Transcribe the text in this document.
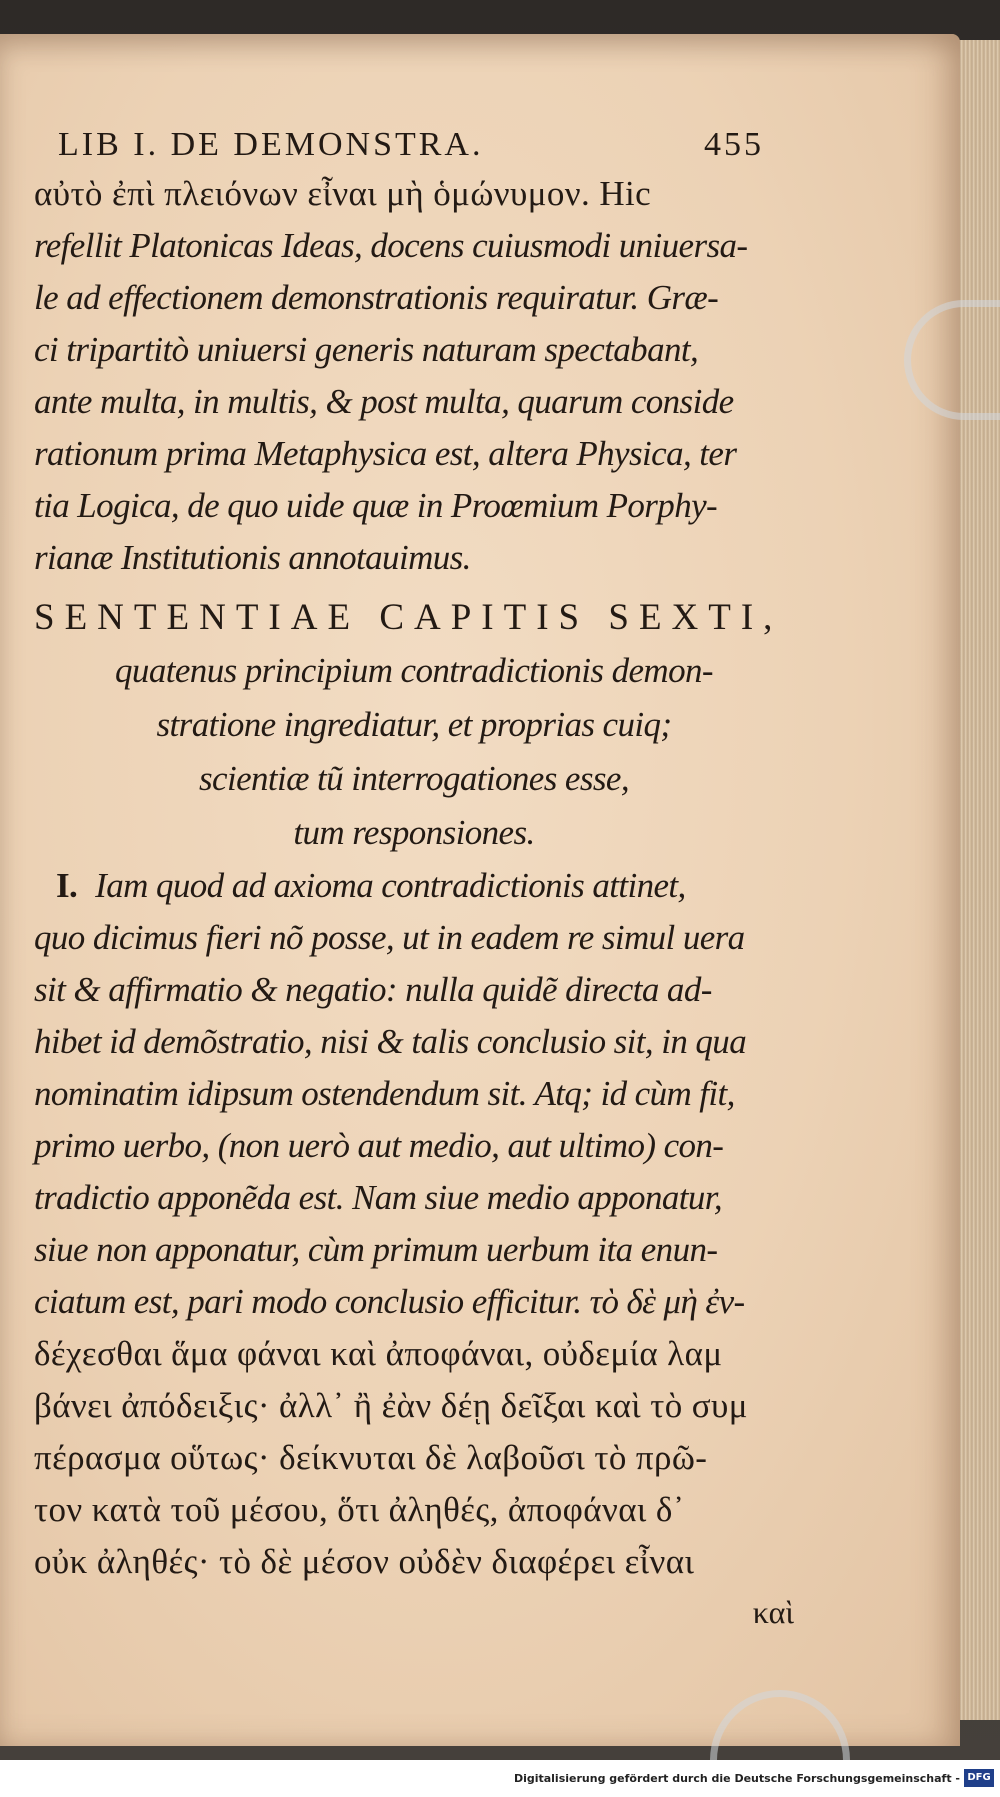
LIB I. DE DEMONSTRA.	455
αὐτὸ ἐπὶ πλειόνων εἶναι μὴ ὁμώνυμον. Hic
refellit Platonicas Ideas, docens cuiusmodi uniuersa-
le ad effectionem demonstrationis requiratur. Græ-
ci tripartitò uniuersi generis naturam spectabant,
ante multa, in multis, & post multa, quarum conside
rationum prima Metaphysica est, altera Physica, ter
tia Logica, de quo uide quæ in Proœmium Porphy-
rianæ Institutionis annotauimus.
SENTENTIAE CAPITIS SEXTI,
quatenus principium contradictionis demon-
stratione ingrediatur, et proprias cuiq;
scientiæ tũ interrogationes esse,
tum responsiones.
I. Iam quod ad axioma contradictionis attinet,
quo dicimus fieri nõ posse, ut in eadem re simul uera
sit & affirmatio & negatio: nulla quidẽ directa ad-
hibet id demõstratio, nisi & talis conclusio sit, in qua
nominatim idipsum ostendendum sit. Atq; id cùm fit,
primo uerbo, (non uerò aut medio, aut ultimo) con-
tradictio apponẽda est. Nam siue medio apponatur,
siue non apponatur, cùm primum uerbum ita enun-
ciatum est, pari modo conclusio efficitur. τὸ δὲ μὴ ἐν-
δέχεσθαι ἅμα φάναι καὶ ἀποφάναι, οὐδεμία λαμ
βάνει ἀπόδειξις· ἀλλ᾽ ἢ ἐὰν δέῃ δεῖξαι καὶ τὸ συμ
πέρασμα οὕτως· δείκνυται δὲ λαβοῦσι τὸ πρῶ-
τον κατὰ τοῦ μέσου, ὅτι ἀληθές, ἀποφάναι δ᾽
οὐκ ἀληθές· τὸ δὲ μέσον οὐδὲν διαφέρει εἶναι
καὶ
Digitalisierung gefördert durch die Deutsche Forschungsgemeinschaft - DFG
